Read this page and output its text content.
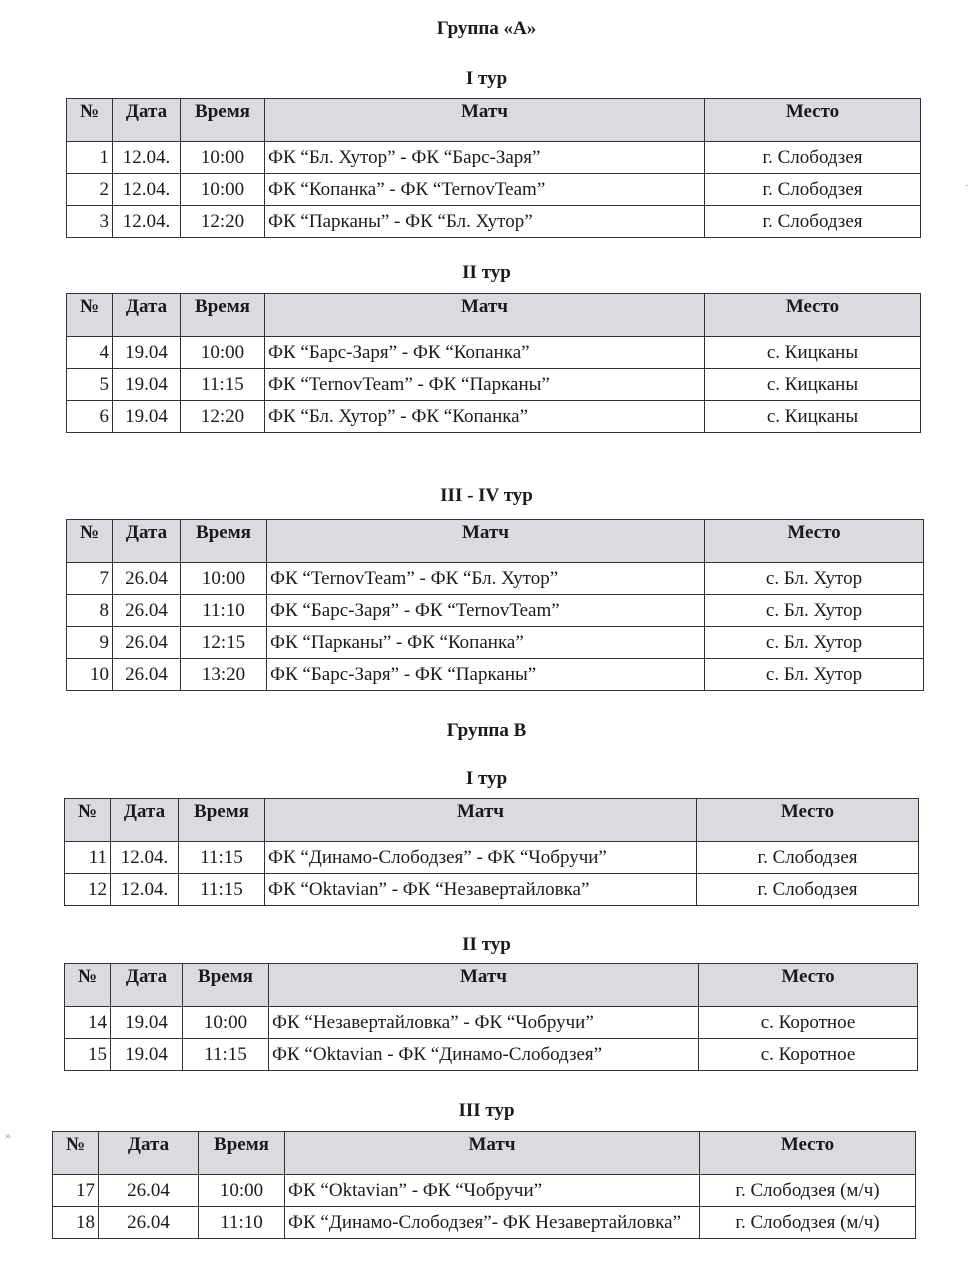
Группа «А»
I тур
№	Дата	Время	Матч	Место
1	12.04.	10:00	ФК “Бл. Хутор” - ФК “Барс-Заря”	г. Слободзея
2	12.04.	10:00	ФК “Копанка” - ФК “TernovTeam”	г. Слободзея
3	12.04.	12:20	ФК “Парканы” - ФК “Бл. Хутор”	г. Слободзея
II тур
№	Дата	Время	Матч	Место
4	19.04	10:00	ФК “Барс-Заря” - ФК “Копанка”	с. Кицканы
5	19.04	11:15	ФК “TernovTeam” - ФК “Парканы”	с. Кицканы
6	19.04	12:20	ФК “Бл. Хутор” - ФК “Копанка”	с. Кицканы
III - IV тур
№	Дата	Время	Матч	Место
7	26.04	10:00	ФК “TernovTeam” - ФК “Бл. Хутор”	с. Бл. Хутор
8	26.04	11:10	ФК “Барс-Заря” - ФК “TernovTeam”	с. Бл. Хутор
9	26.04	12:15	ФК “Парканы” - ФК “Копанка”	с. Бл. Хутор
10	26.04	13:20	ФК “Барс-Заря” - ФК “Парканы”	с. Бл. Хутор
Группа В
I тур
№	Дата	Время	Матч	Место
11	12.04.	11:15	ФК “Динамо-Слободзея” - ФК “Чобручи”	г. Слободзея
12	12.04.	11:15	ФК “Oktavian” - ФК “Незавертайловка”	г. Слободзея
II тур
№	Дата	Время	Матч	Место
14	19.04	10:00	ФК “Незавертайловка” - ФК “Чобручи”	с. Коротное
15	19.04	11:15	ФК “Oktavian - ФК “Динамо-Слободзея”	с. Коротное
III тур
№	Дата	Время	Матч	Место
17	26.04	10:00	ФК “Oktavian” - ФК “Чобручи”	г. Слободзея (м/ч)
18	26.04	11:10	ФК “Динамо-Слободзея”- ФК Незавертайловка”	г. Слободзея (м/ч)
·
»
